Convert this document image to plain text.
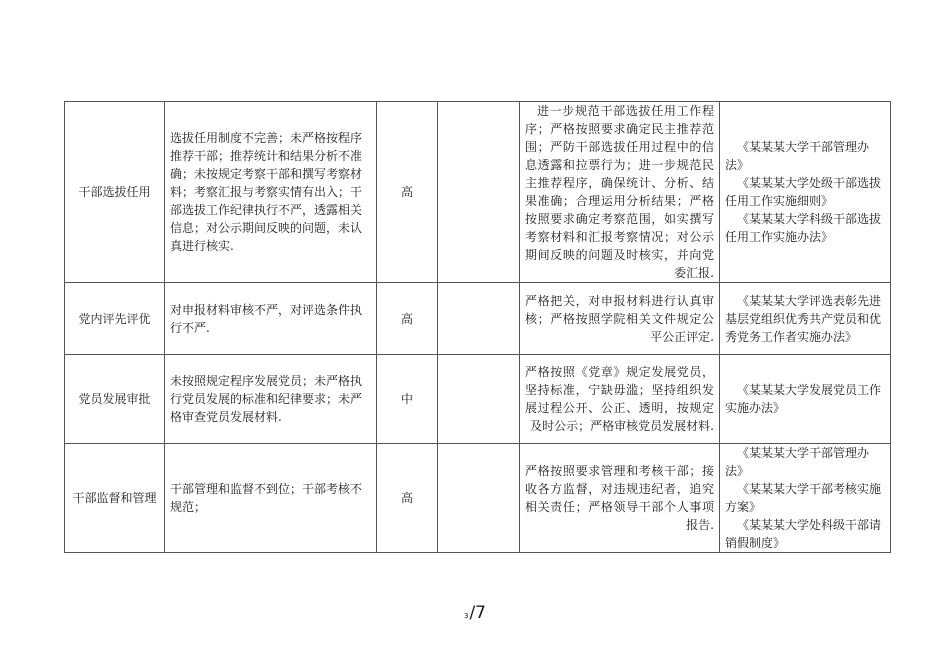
干部选拔任用	选拔任用制度不完善；未严格按程序推荐干部；推荐统计和结果分析不准确；未按规定考察干部和撰写考察材料；考察汇报与考察实情有出入；干部选拔工作纪律执行不严，透露相关信息；对公示期间反映的问题，未认真进行核实.	高		进一步规范干部选拔任用工作程序；严格按照要求确定民主推荐范围；严防干部选拔任用过程中的信息透露和拉票行为；进一步规范民主推荐程序，确保统计、分析、结果准确；合理运用分析结果；严格按照要求确定考察范围，如实撰写考察材料和汇报考察情况；对公示期间反映的问题及时核实，并向党委汇报.	《某某某大学干部管理办法》
《某某某大学处级干部选拔任用工作实施细则》
《某某某大学科级干部选拔任用工作实施办法》

党内评先评优	对申报材料审核不严，对评选条件执行不严.	高		严格把关，对申报材料进行认真审核；严格按照学院相关文件规定公平公正评定.	《某某某大学评选表彰先进基层党组织优秀共产党员和优秀党务工作者实施办法》

党员发展审批	未按照规定程序发展党员；未严格执行党员发展的标准和纪律要求；未严格审查党员发展材料.	中		严格按照《党章》规定发展党员，坚持标准，宁缺毋滥；坚持组织发展过程公开、公正、透明，按规定及时公示；严格审核党员发展材料.	《某某某大学发展党员工作实施办法》

干部监督和管理	干部管理和监督不到位；干部考核不规范；	高		严格按照要求管理和考核干部；接收各方监督，对违规违纪者，追究相关责任；严格领导干部个人事项报告.	《某某某大学干部管理办法》
《某某某大学干部考核实施方案》
《某某某大学处科级干部请销假制度》
3/7
